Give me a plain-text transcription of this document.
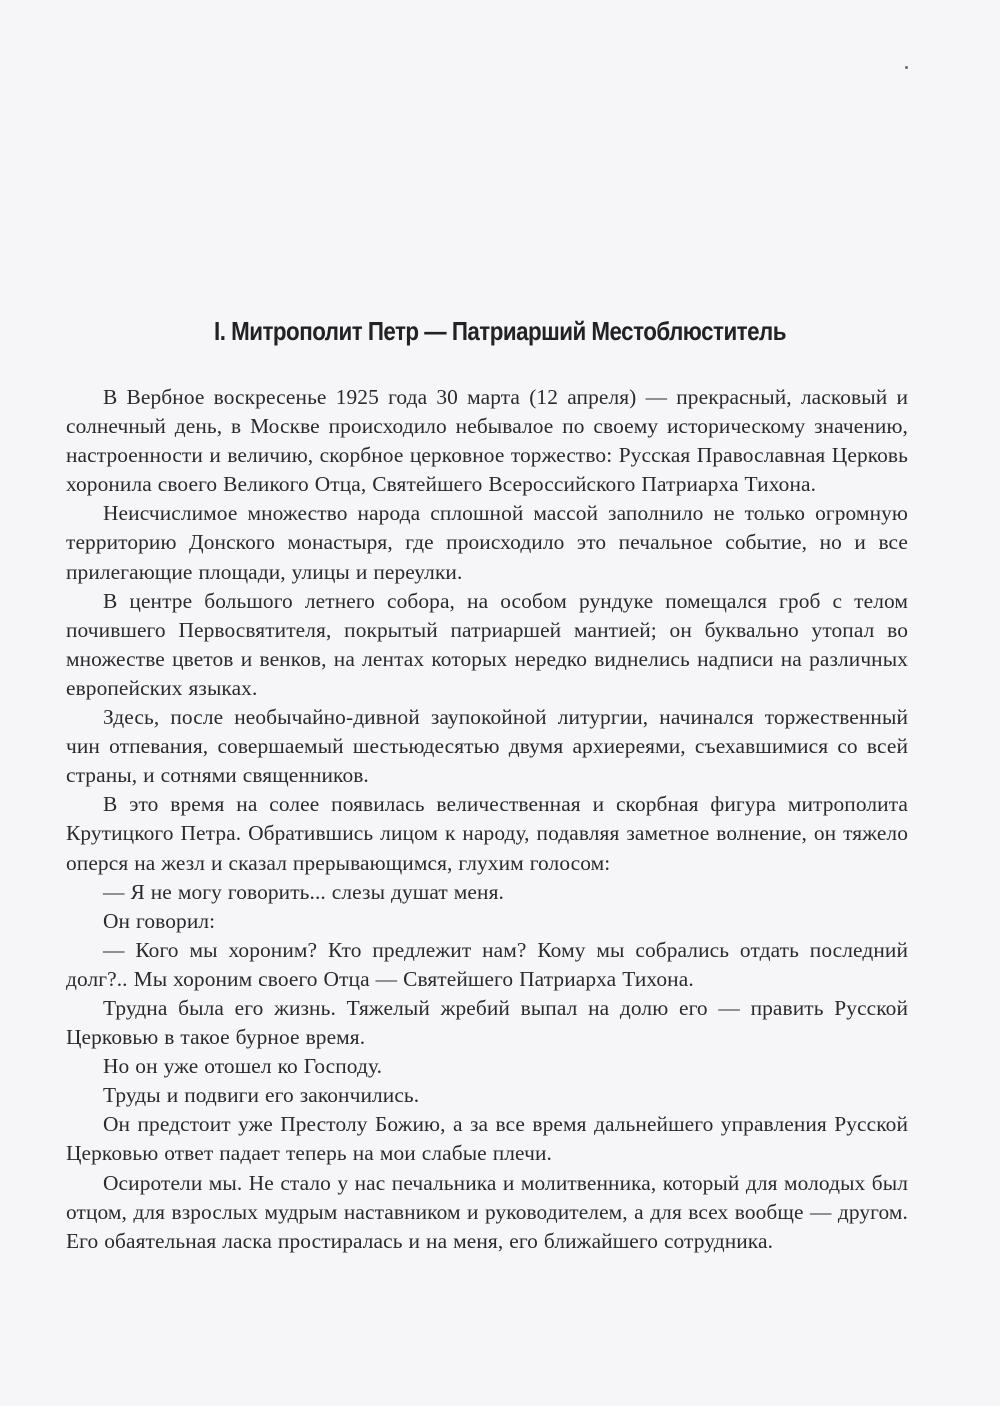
I. Митрополит Петр — Патриарший Местоблюститель

В Вербное воскресенье 1925 года 30 марта (12 апреля) — прекрасный, ласковый и солнечный день, в Москве происходило небывалое по своему историческому значению, настроенности и величию, скорбное церковное торжество: Русская Православная Церковь хоронила своего Великого Отца, Святейшего Всероссийского Патриарха Тихона.

Неисчислимое множество народа сплошной массой заполнило не только огромную территорию Донского монастыря, где происходило это печальное событие, но и все прилегающие площади, улицы и переулки.

В центре большого летнего собора, на особом рундуке помещался гроб с телом почившего Первосвятителя, покрытый патриаршей мантией; он буквально утопал во множестве цветов и венков, на лентах которых нередко виднелись надписи на различных европейских языках.

Здесь, после необычайно-дивной заупокойной литургии, начинался торжественный чин отпевания, совершаемый шестьюдесятью двумя архиереями, съехавшимися со всей страны, и сотнями священников.

В это время на солее появилась величественная и скорбная фигура митрополита Крутицкого Петра. Обратившись лицом к народу, подавляя заметное волнение, он тяжело оперся на жезл и сказал прерывающимся, глухим голосом:

— Я не могу говорить... слезы душат меня.

Он говорил:

— Кого мы хороним? Кто предлежит нам? Кому мы собрались отдать последний долг?.. Мы хороним своего Отца — Святейшего Патриарха Тихона.

Трудна была его жизнь. Тяжелый жребий выпал на долю его — править Русской Церковью в такое бурное время.

Но он уже отошел ко Господу.

Труды и подвиги его закончились.

Он предстоит уже Престолу Божию, а за все время дальнейшего управления Русской Церковью ответ падает теперь на мои слабые плечи.

Осиротели мы. Не стало у нас печальника и молитвенника, который для молодых был отцом, для взрослых мудрым наставником и руководителем, а для всех вообще — другом. Его обаятельная ласка простиралась и на меня, его ближайшего сотрудника.
